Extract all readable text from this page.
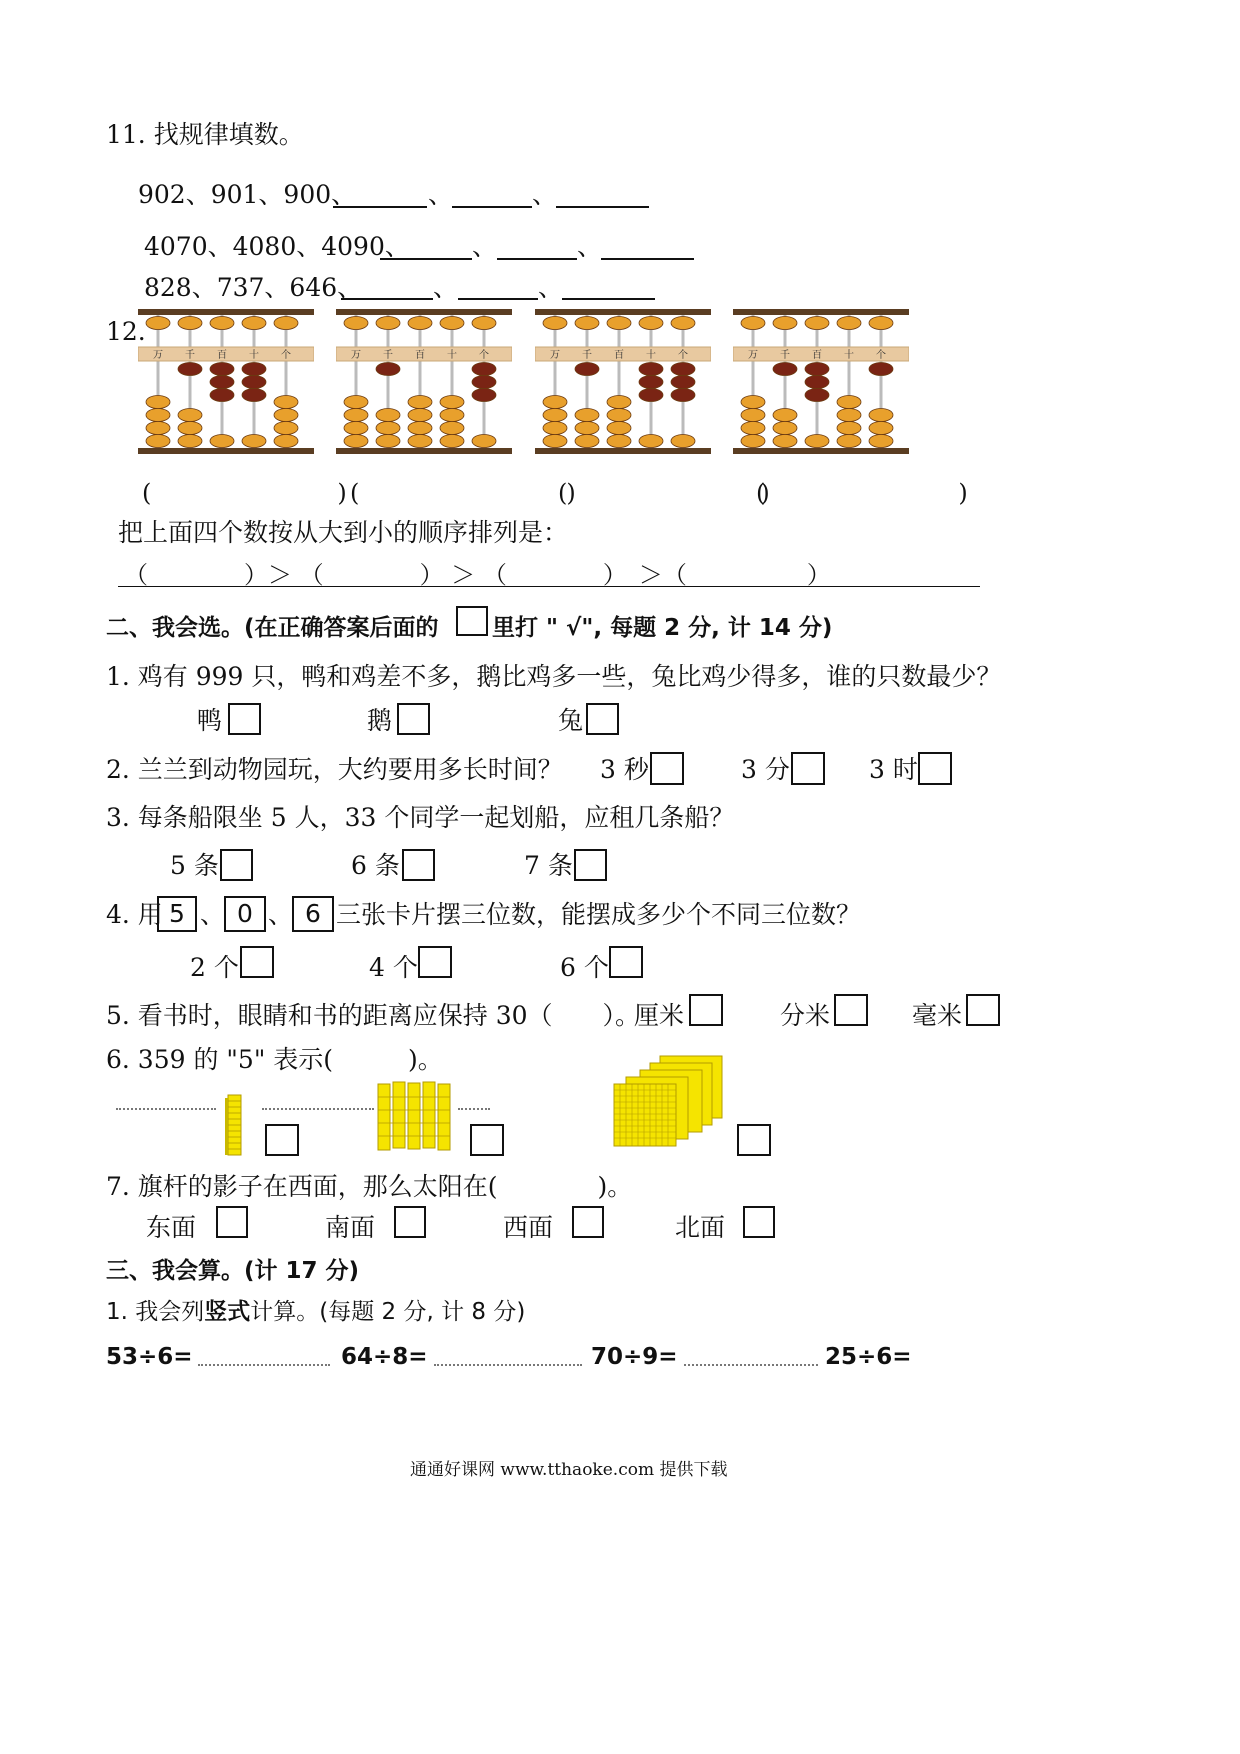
11. 找规律填数。
902、901、900、	、	、
4070、4080、4090、 、	、
828、737、646、	、	、
12.
万 千 百 十 个	万 千 百 十 个	万 千 百 十 个	万 千 百 十 个
(　　　　　　)
(　　　　　　)
(　　　　　　)
(　　　　　　)
把上面四个数按从大到小的顺序排列是：
（　　　　）＞ （　　　　） ＞ （　　　　）　＞（　　　　　）
二、我会选。(在正确答案后面的 里打 " √", 每题 2 分, 计 14 分)
1. 鸡有 999 只，鸭和鸡差不多，鹅比鸡多一些，兔比鸡少得多，谁的只数最少？
鸭	鹅	兔
2. 兰兰到动物园玩，大约要用多长时间？ 3 秒	3 分	3 时
3. 每条船限坐 5 人，33 个同学一起划船，应租几条船？
5 条	6 条	7 条
4. 用 5 、 0 、 6 三张卡片摆三位数，能摆成多少个不同三位数？
2 个	4 个	6 个
5. 看书时，眼睛和书的距离应保持 30（　　）。
厘米	分米	毫米
6. 359 的 "5" 表示(　　　)。
7. 旗杆的影子在西面，那么太阳在(　　　　)。
东面	南面	西面	北面
三、我会算。(计 17 分)
1. 我会列竖式计算。(每题 2 分, 计 8 分)
53÷6=	64÷8=	70÷9=	25÷6=
通通好课网 www.tthaoke.com 提供下载
